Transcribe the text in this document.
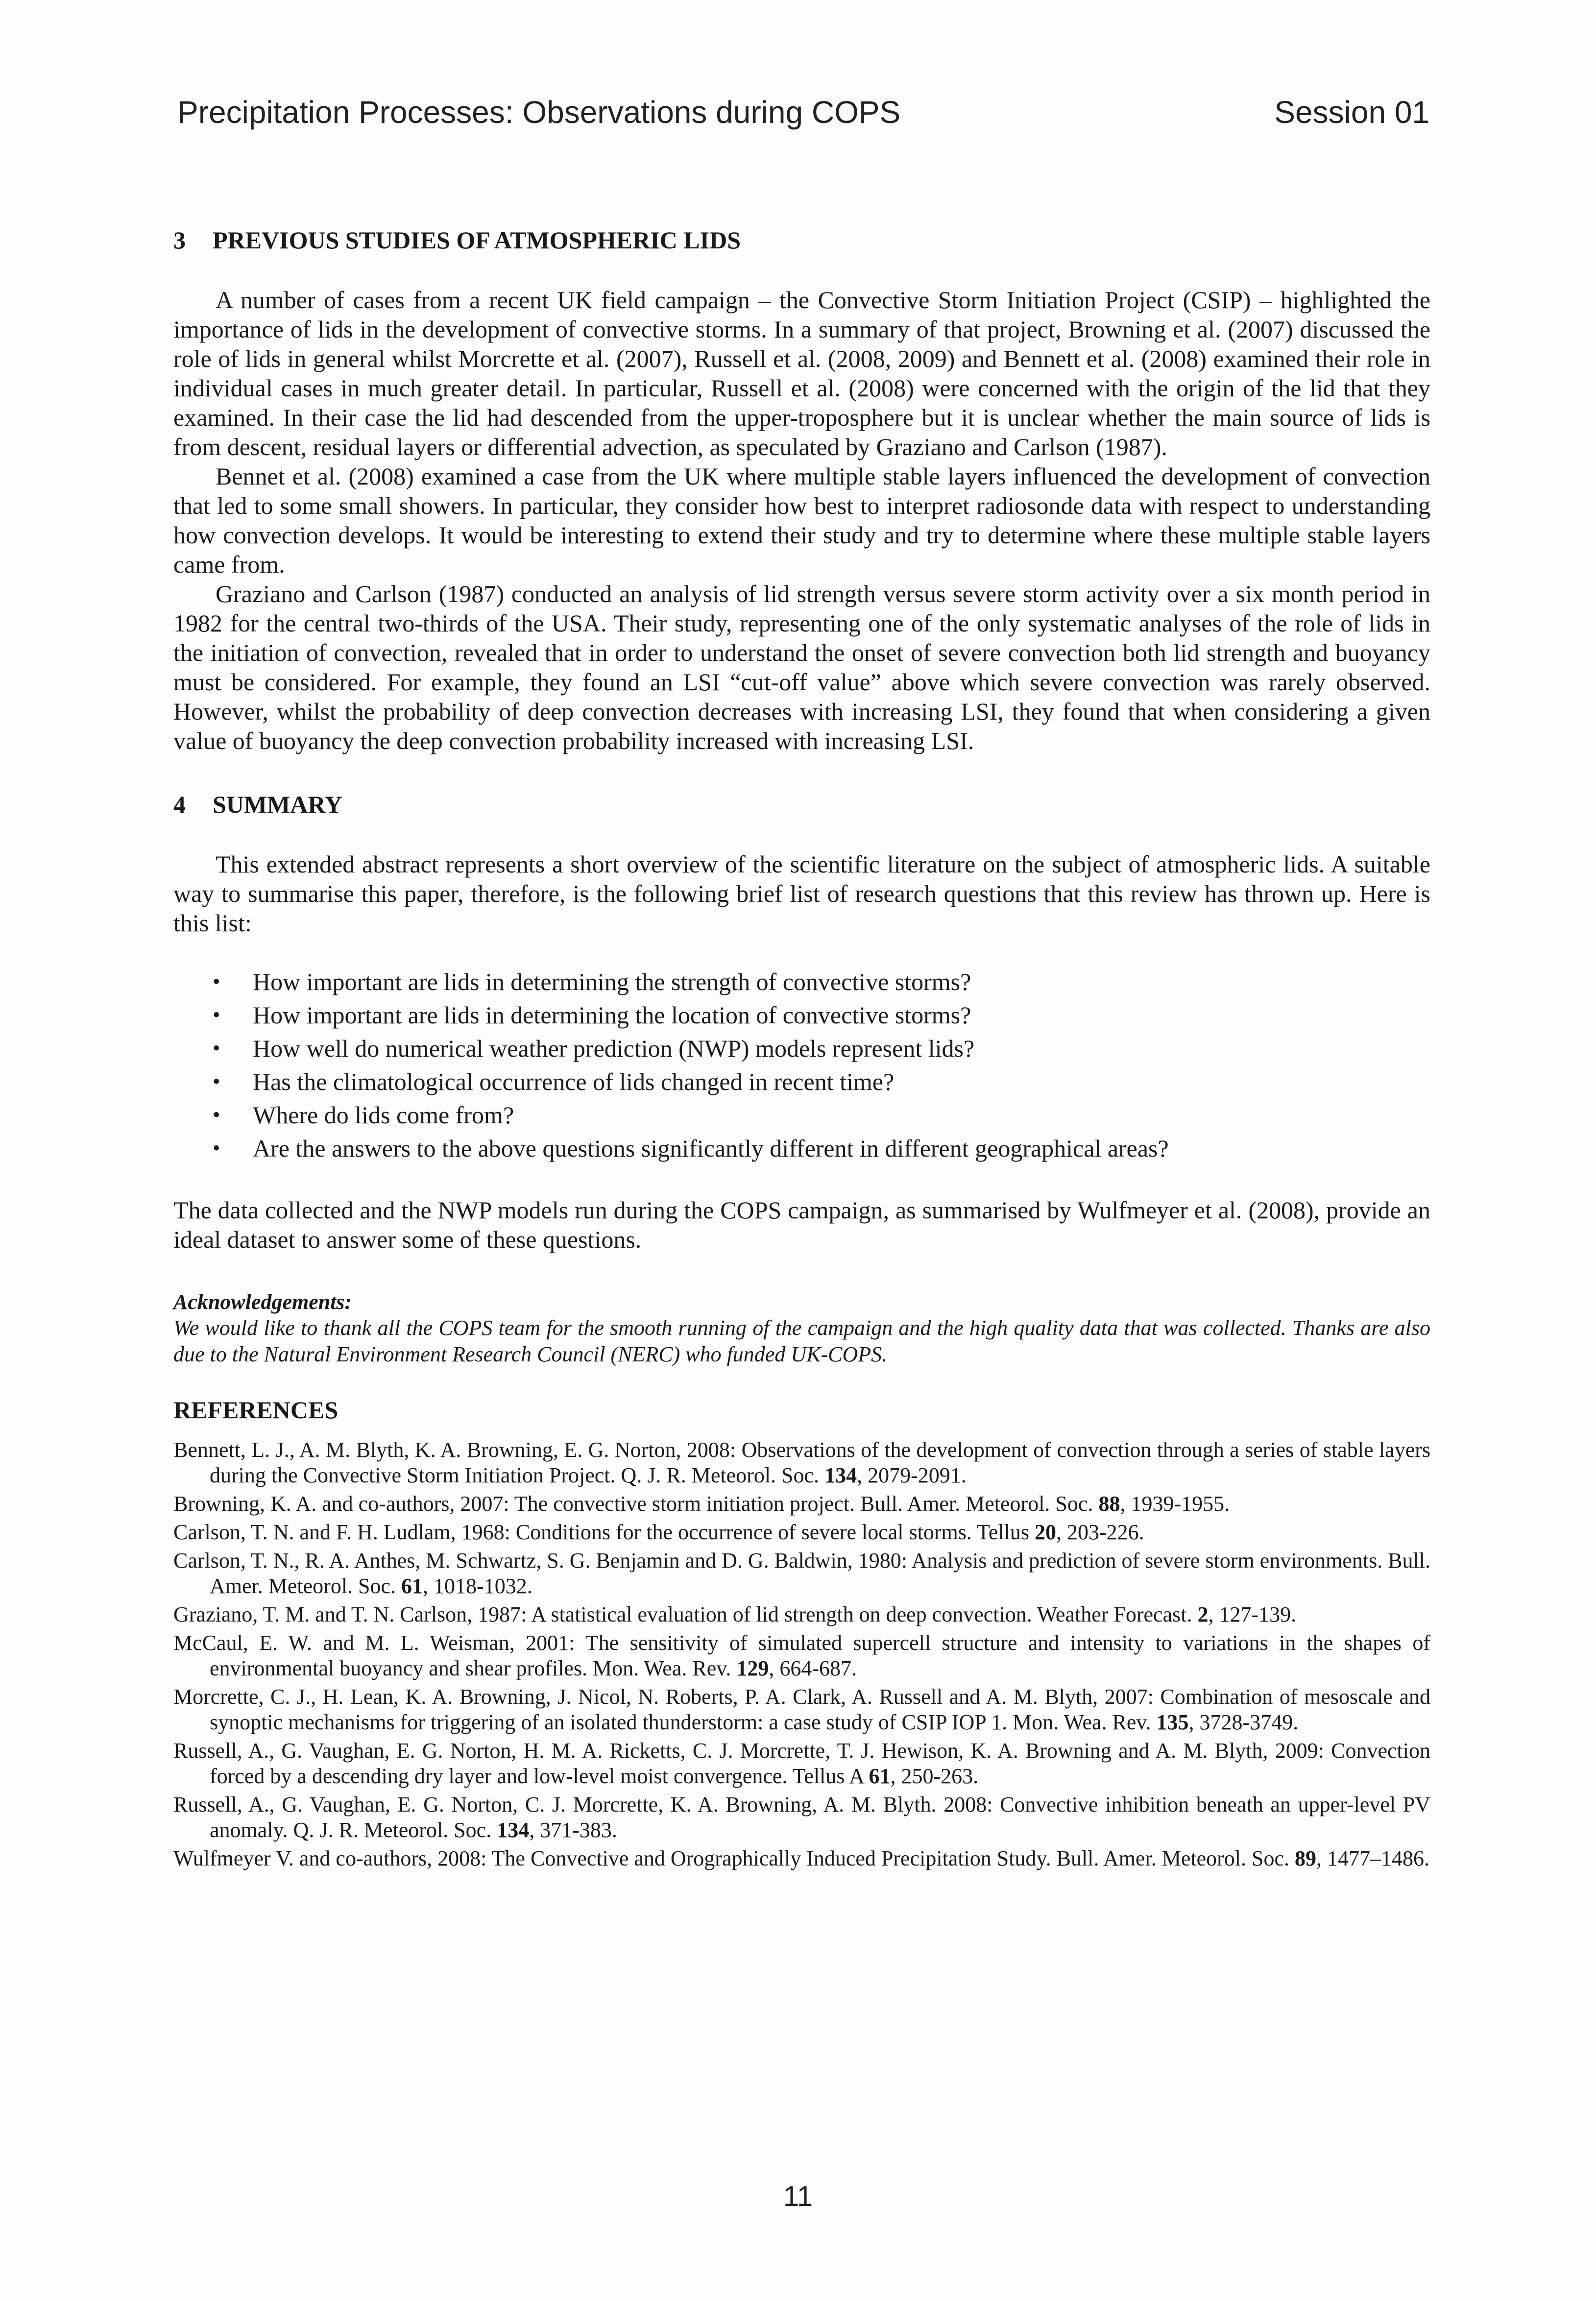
Precipitation Processes: Observations during COPS	Session 01
3 PREVIOUS STUDIES OF ATMOSPHERIC LIDS

A number of cases from a recent UK field campaign – the Convective Storm Initiation Project (CSIP) – highlighted the importance of lids in the development of convective storms. In a summary of that project, Browning et al. (2007) discussed the role of lids in general whilst Morcrette et al. (2007), Russell et al. (2008, 2009) and Bennett et al. (2008) examined their role in individual cases in much greater detail. In particular, Russell et al. (2008) were concerned with the origin of the lid that they examined. In their case the lid had descended from the upper-troposphere but it is unclear whether the main source of lids is from descent, residual layers or differential advection, as speculated by Graziano and Carlson (1987).

Bennet et al. (2008) examined a case from the UK where multiple stable layers influenced the development of convection that led to some small showers. In particular, they consider how best to interpret radiosonde data with respect to understanding how convection develops. It would be interesting to extend their study and try to determine where these multiple stable layers came from.

Graziano and Carlson (1987) conducted an analysis of lid strength versus severe storm activity over a six month period in 1982 for the central two-thirds of the USA. Their study, representing one of the only systematic analyses of the role of lids in the initiation of convection, revealed that in order to understand the onset of severe convection both lid strength and buoyancy must be considered. For example, they found an LSI “cut-off value” above which severe convection was rarely observed. However, whilst the probability of deep convection decreases with increasing LSI, they found that when considering a given value of buoyancy the deep convection probability increased with increasing LSI.

4 SUMMARY

This extended abstract represents a short overview of the scientific literature on the subject of atmospheric lids. A suitable way to summarise this paper, therefore, is the following brief list of research questions that this review has thrown up. Here is this list:

• How important are lids in determining the strength of convective storms?
• How important are lids in determining the location of convective storms?
• How well do numerical weather prediction (NWP) models represent lids?
• Has the climatological occurrence of lids changed in recent time?
• Where do lids come from?
• Are the answers to the above questions significantly different in different geographical areas?

The data collected and the NWP models run during the COPS campaign, as summarised by Wulfmeyer et al. (2008), provide an ideal dataset to answer some of these questions.

Acknowledgements:

We would like to thank all the COPS team for the smooth running of the campaign and the high quality data that was collected. Thanks are also due to the Natural Environment Research Council (NERC) who funded UK-COPS.

REFERENCES

Bennett, L. J., A. M. Blyth, K. A. Browning, E. G. Norton, 2008: Observations of the development of convection through a series of stable layers during the Convective Storm Initiation Project. Q. J. R. Meteorol. Soc. 134, 2079-2091.

Browning, K. A. and co-authors, 2007: The convective storm initiation project. Bull. Amer. Meteorol. Soc. 88, 1939-1955.

Carlson, T. N. and F. H. Ludlam, 1968: Conditions for the occurrence of severe local storms. Tellus 20, 203-226.

Carlson, T. N., R. A. Anthes, M. Schwartz, S. G. Benjamin and D. G. Baldwin, 1980: Analysis and prediction of severe storm environments. Bull. Amer. Meteorol. Soc. 61, 1018-1032.

Graziano, T. M. and T. N. Carlson, 1987: A statistical evaluation of lid strength on deep convection. Weather Forecast. 2, 127-139.

McCaul, E. W. and M. L. Weisman, 2001: The sensitivity of simulated supercell structure and intensity to variations in the shapes of environmental buoyancy and shear profiles. Mon. Wea. Rev. 129, 664-687.

Morcrette, C. J., H. Lean, K. A. Browning, J. Nicol, N. Roberts, P. A. Clark, A. Russell and A. M. Blyth, 2007: Combination of mesoscale and synoptic mechanisms for triggering of an isolated thunderstorm: a case study of CSIP IOP 1. Mon. Wea. Rev. 135, 3728-3749.

Russell, A., G. Vaughan, E. G. Norton, H. M. A. Ricketts, C. J. Morcrette, T. J. Hewison, K. A. Browning and A. M. Blyth, 2009: Convection forced by a descending dry layer and low-level moist convergence. Tellus A 61, 250-263.

Russell, A., G. Vaughan, E. G. Norton, C. J. Morcrette, K. A. Browning, A. M. Blyth. 2008: Convective inhibition beneath an upper-level PV anomaly. Q. J. R. Meteorol. Soc. 134, 371-383.

Wulfmeyer V. and co-authors, 2008: The Convective and Orographically Induced Precipitation Study. Bull. Amer. Meteorol. Soc. 89, 1477–1486.

11
